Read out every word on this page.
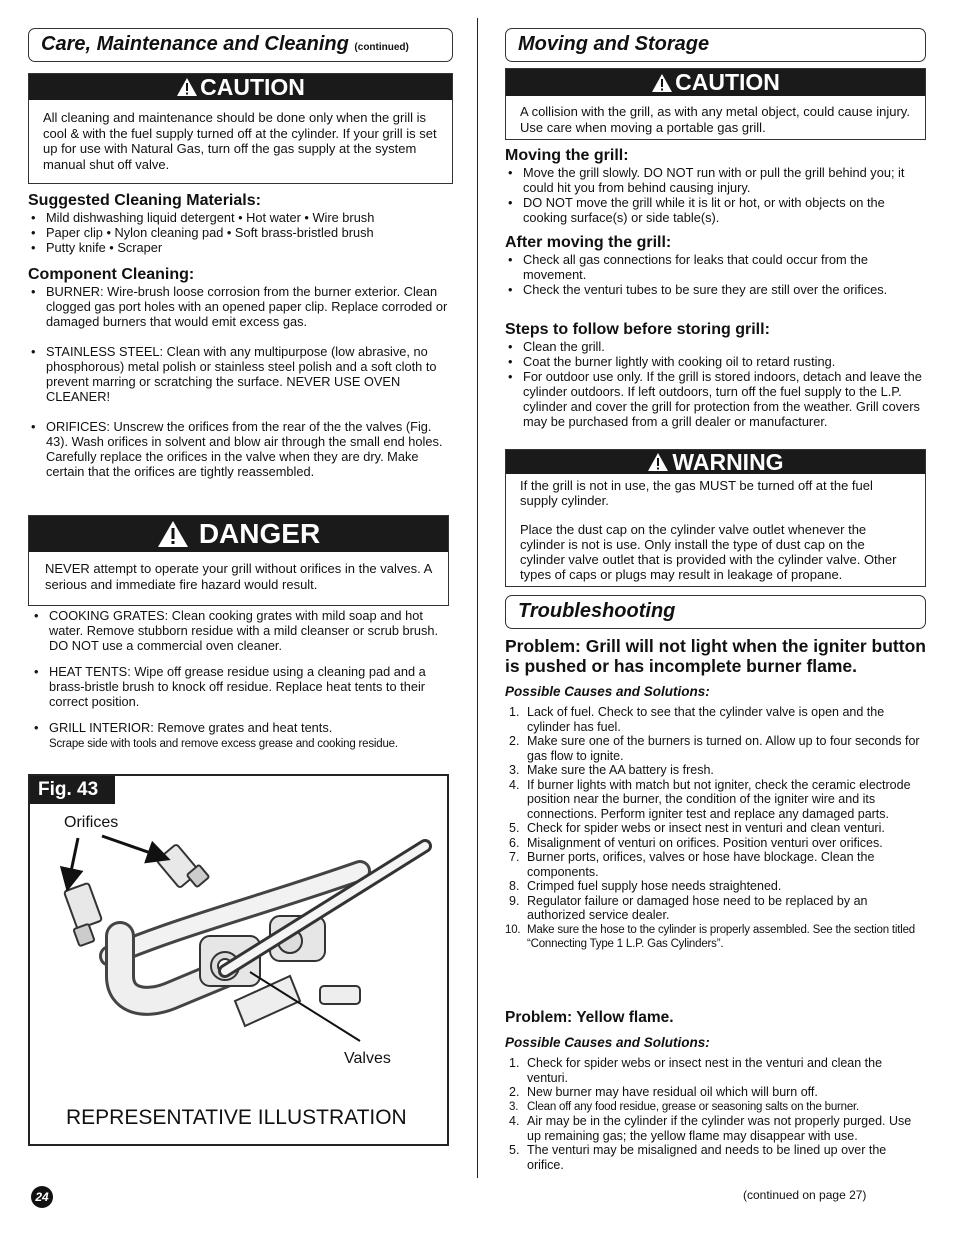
Care, Maintenance and Cleaning (continued)
CAUTION
All cleaning and maintenance should be done only when the grill is cool & with the fuel supply turned off at the cylinder. If your grill is set up for use with Natural Gas, turn off the gas supply at the system manual shut off valve.
Suggested Cleaning Materials:
• Mild dishwashing liquid detergent • Hot water • Wire brush
• Paper clip • Nylon cleaning pad • Soft brass-bristled brush
• Putty knife • Scraper
Component Cleaning:
• BURNER: Wire-brush loose corrosion from the burner exterior. Clean clogged gas port holes with an opened paper clip. Replace corroded or damaged burners that would emit excess gas.
• STAINLESS STEEL: Clean with any multipurpose (low abrasive, no phosphorous) metal polish or stainless steel polish and a soft cloth to prevent marring or scratching the surface. NEVER USE OVEN CLEANER!
• ORIFICES: Unscrew the orifices from the rear of the the valves (Fig. 43). Wash orifices in solvent and blow air through the small end holes. Carefully replace the orifices in the valve when they are dry. Make certain that the orifices are tightly reassembled.
DANGER
NEVER attempt to operate your grill without orifices in the valves. A serious and immediate fire hazard would result.
• COOKING GRATES: Clean cooking grates with mild soap and hot water. Remove stubborn residue with a mild cleanser or scrub brush. DO NOT use a commercial oven cleaner.
• HEAT TENTS: Wipe off grease residue using a cleaning pad and a brass-bristle brush to knock off residue. Replace heat tents to their correct position.
• GRILL INTERIOR: Remove grates and heat tents.
Scrape side with tools and remove excess grease and cooking residue.
Fig. 43
Orifices
Valves
REPRESENTATIVE ILLUSTRATION
24
Moving and Storage
CAUTION
A collision with the grill, as with any metal object, could cause injury. Use care when moving a portable gas grill.
Moving the grill:
• Move the grill slowly. DO NOT run with or pull the grill behind you; it could hit you from behind causing injury.
• DO NOT move the grill while it is lit or hot, or with objects on the cooking surface(s) or side table(s).
After moving the grill:
• Check all gas connections for leaks that could occur from the movement.
• Check the venturi tubes to be sure they are still over the orifices.
Steps to follow before storing grill:
• Clean the grill.
• Coat the burner lightly with cooking oil to retard rusting.
• For outdoor use only. If the grill is stored indoors, detach and leave the cylinder outdoors. If left outdoors, turn off the fuel supply to the L.P. cylinder and cover the grill for protection from the weather. Grill covers may be purchased from a grill dealer or manufacturer.
WARNING
If the grill is not in use, the gas MUST be turned off at the fuel supply cylinder.
Place the dust cap on the cylinder valve outlet whenever the cylinder is not is use. Only install the type of dust cap on the cylinder valve outlet that is provided with the cylinder valve. Other types of caps or plugs may result in leakage of propane.
Troubleshooting
Problem: Grill will not light when the igniter button is pushed or has incomplete burner flame.
Possible Causes and Solutions:
1. Lack of fuel. Check to see that the cylinder valve is open and the cylinder has fuel.
2. Make sure one of the burners is turned on. Allow up to four seconds for gas flow to ignite.
3. Make sure the AA battery is fresh.
4. If burner lights with match but not igniter, check the ceramic electrode position near the burner, the condition of the igniter wire and its connections. Perform igniter test and replace any damaged parts.
5. Check for spider webs or insect nest in venturi and clean venturi.
6. Misalignment of venturi on orifices. Position venturi over orifices.
7. Burner ports, orifices, valves or hose have blockage. Clean the components.
8. Crimped fuel supply hose needs straightened.
9. Regulator failure or damaged hose need to be replaced by an authorized service dealer.
10. Make sure the hose to the cylinder is properly assembled. See the section titled “Connecting Type 1 L.P. Gas Cylinders”.
Problem: Yellow flame.
Possible Causes and Solutions:
1. Check for spider webs or insect nest in the venturi and clean the venturi.
2. New burner may have residual oil which will burn off.
3. Clean off any food residue, grease or seasoning salts on the burner.
4. Air may be in the cylinder if the cylinder was not properly purged. Use up remaining gas; the yellow flame may disappear with use.
5. The venturi may be misaligned and needs to be lined up over the orifice.
(continued on page 27)
